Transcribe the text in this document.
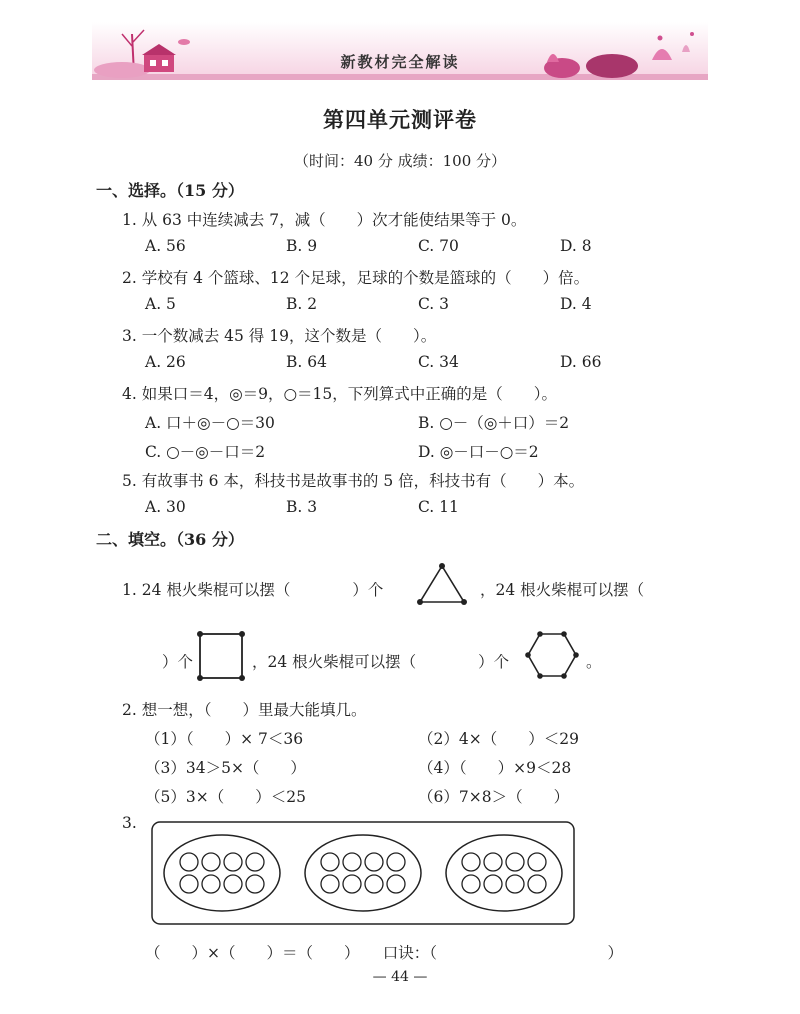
新教材完全解读
第四单元测评卷
（时间：40 分 成绩：100 分）
一、选择。（15 分）
1. 从 63 中连续减去 7，减（　　）次才能使结果等于 0。
A. 56	B. 9	C. 70	D. 8
2. 学校有 4 个篮球、12 个足球，足球的个数是篮球的（　　）倍。
A. 5	B. 2	C. 3	D. 4
3. 一个数减去 45 得 19，这个数是（　　）。
A. 26	B. 64	C. 34	D. 66
4. 如果口＝4，◎＝9，○＝15，下列算式中正确的是（　　）。
A. 口＋◎－○＝30	B. ○－（◎＋口）＝2
C. ○－◎－口＝2	D. ◎－口－○＝2
5. 有故事书 6 本，科技书是故事书的 5 倍，科技书有（　　）本。
A. 30	B. 3	C. 11
二、填空。（36 分）
1. 24 根火柴棍可以摆（　　　　）个	，24 根火柴棍可以摆（
）个	，24 根火柴棍可以摆（　　　　）个	。
2. 想一想，（　　）里最大能填几。
（1）（　　）× 7＜36	（2）4×（　　）＜29
（3）34＞5×（　　）	（4）（　　）×9＜28
（5）3×（　　）＜25	（6）7×8＞（　　）
3.
（　　）×（　　）＝（　　）　　口诀：（　　　　　　　　　　　）
— 44 —
